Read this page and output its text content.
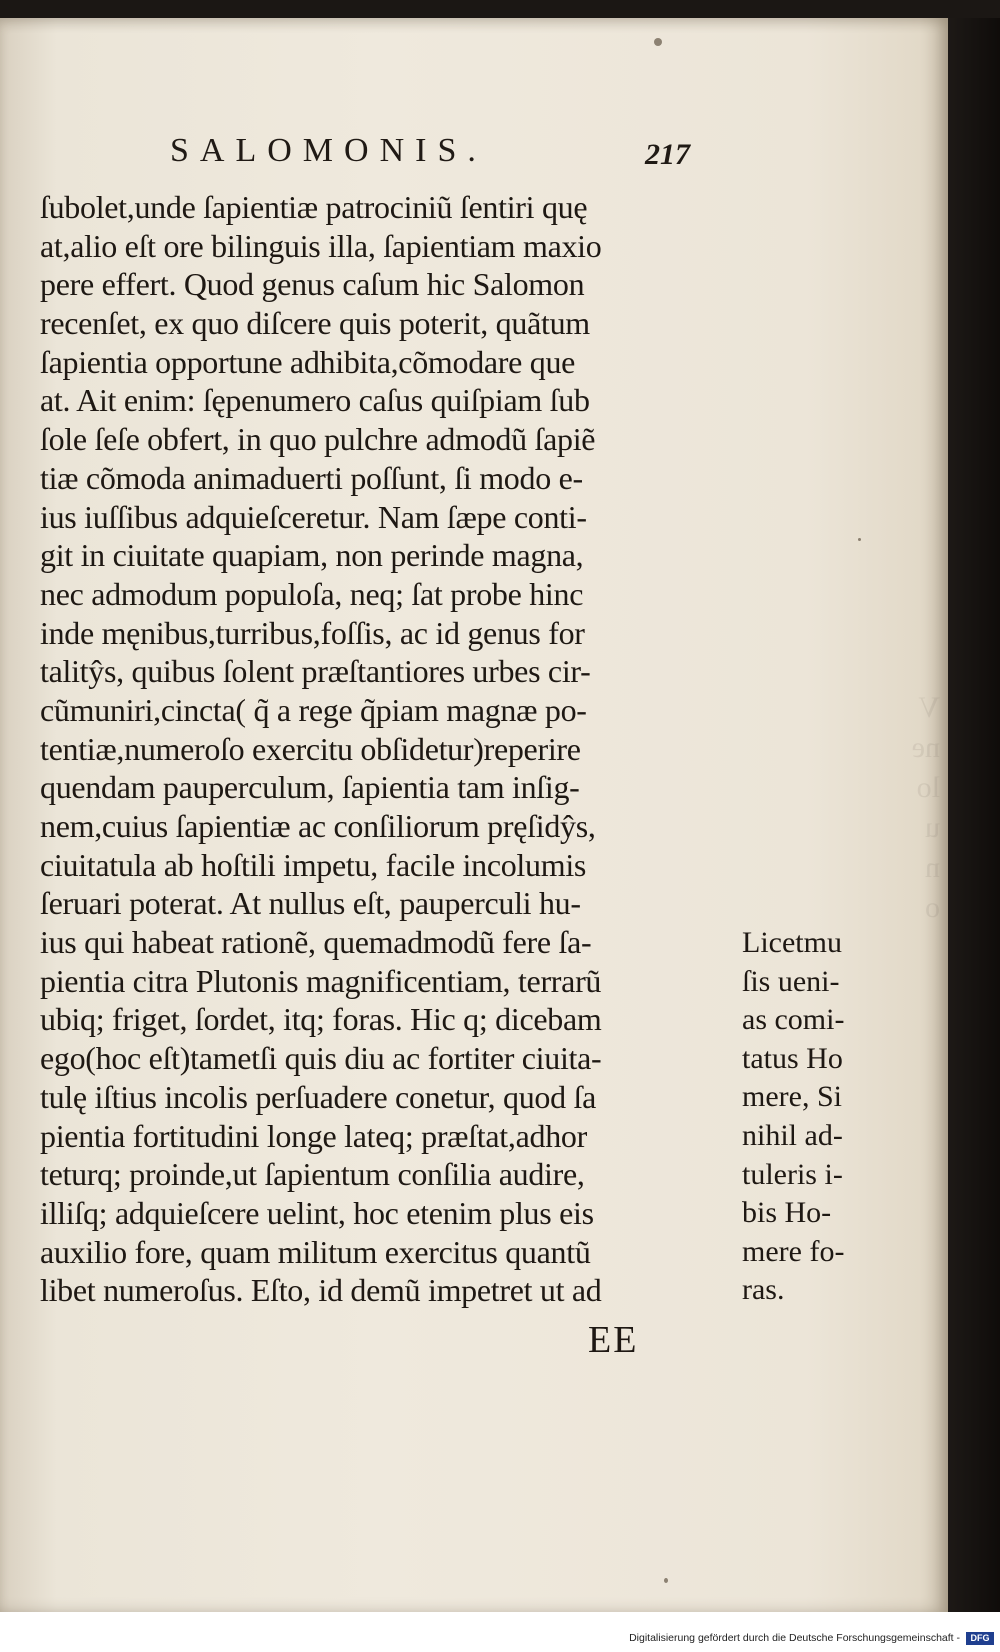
V
ne
lo
u
n
o
SALOMONIS.	217
ſubolet,unde ſapientiæ patrociniũ ſentiri quę
at,alio eſt ore bilinguis illa, ſapientiam maxio
pere effert. Quod genus caſum hic Salomon
recenſet, ex quo diſcere quis poterit, quãtum
ſapientia opportune adhibita,cõmodare que
at. Ait enim: ſępenumero caſus quiſpiam ſub
ſole ſeſe obfert, in quo pulchre admodũ ſapiẽ
tiæ cõmoda animaduerti poſſunt, ſi modo e-
ius iuſſibus adquieſceretur. Nam ſæpe conti-
git in ciuitate quapiam, non perinde magna,
nec admodum populoſa, neq; ſat probe hinc
inde męnibus,turribus,foſſis, ac id genus for
talitŷs, quibus ſolent præſtantiores urbes cir-
cũmuniri,cincta( q̃ a rege q̃piam magnæ po-
tentiæ,numeroſo exercitu obſidetur)reperire
quendam pauperculum, ſapientia tam inſig-
nem,cuius ſapientiæ ac conſiliorum pręſidŷs,
ciuitatula ab hoſtili impetu, facile incolumis
ſeruari poterat. At nullus eſt, pauperculi hu-
ius qui habeat rationẽ, quemadmodũ fere ſa-
pientia citra Plutonis magnificentiam, terrarũ
ubiq; friget, ſordet, itq; foras. Hic q; dicebam
ego(hoc eſt)tametſi quis diu ac fortiter ciuita-
tulę iſtius incolis perſuadere conetur, quod ſa
pientia fortitudini longe lateq; præſtat,adhor
teturq; proinde,ut ſapientum conſilia audire,
illiſq; adquieſcere uelint, hoc etenim plus eis
auxilio fore, quam militum exercitus quantũ
libet numeroſus. Eſto, id demũ impetret ut ad
Licetmu
ſis ueni-
as comi-
tatus Ho
mere, Si
nihil ad-
tuleris i-
bis Ho-
mere fo-
ras.
EE
Digitalisierung gefördert durch die Deutsche Forschungsgemeinschaft -	DFG
